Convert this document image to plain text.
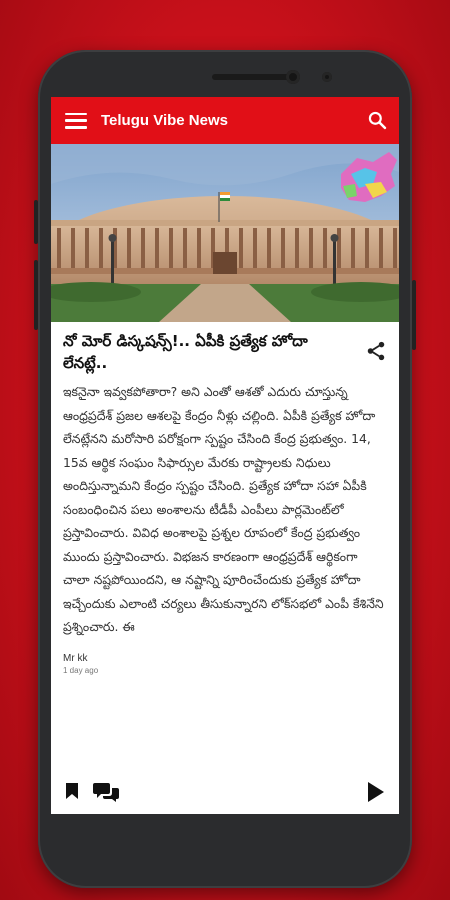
Telugu Vibe News
నో మోర్ డిస్కషన్స్!.. ఏపీకి ప్రత్యేక హోదా లేనట్లే..

ఇకనైనా ఇవ్వకపోతారా? అని ఎంతో ఆశతో ఎదురు చూస్తున్న ఆంధ్రప్రదేశ్ ప్రజల ఆశలపై కేంద్రం నీళ్లు చల్లింది. ఏపీకి ప్రత్యేక హోదా లేనట్లేనని మరోసారి పరోక్షంగా స్పష్టం చేసింది కేంద్ర ప్రభుత్వం. 14, 15వ ఆర్థిక సంఘం సిఫార్సుల మేరకు రాష్ట్రాలకు నిధులు అందిస్తున్నామని కేంద్రం స్పష్టం చేసింది. ప్రత్యేక హోదా సహా ఏపీకి సంబంధించిన పలు అంశాలను టీడీపీ ఎంపీలు పార్లమెంట్‌లో ప్రస్తావించారు. వివిధ అంశాలపై ప్రశ్నల రూపంలో కేంద్ర ప్రభుత్వం ముందు ప్రస్తావించారు. విభజన కారణంగా ఆంధ్రప్రదేశ్ ఆర్థికంగా చాలా నష్టపోయిందని, ఆ నష్టాన్ని పూరించేందుకు ప్రత్యేక హోదా ఇచ్చేందుకు ఎలాంటి చర్యలు తీసుకున్నారని లోక్‌సభలో ఎంపీ కేశినేని ప్రశ్నించారు. ఈ

Mr kk
1 day ago
